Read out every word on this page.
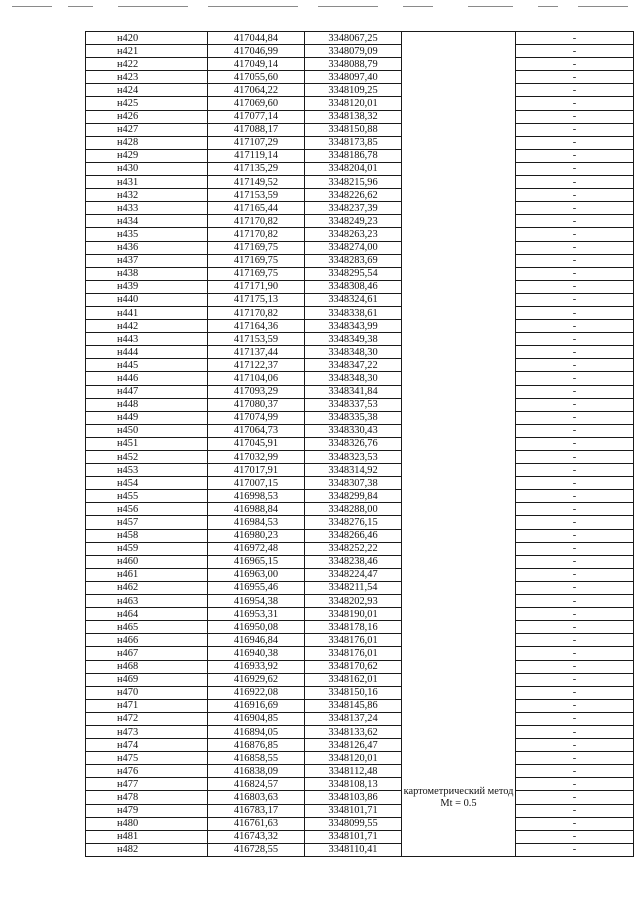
н420	417044,84	3348067,25	картометрический метод Mt = 0.5	-
н421	417046,99	3348079,09		-
н422	417049,14	3348088,79		-
н423	417055,60	3348097,40		-
н424	417064,22	3348109,25		-
н425	417069,60	3348120,01		-
н426	417077,14	3348138,32		-
н427	417088,17	3348150,88		-
н428	417107,29	3348173,85		-
н429	417119,14	3348186,78		-
н430	417135,29	3348204,01		-
н431	417149,52	3348215,96		-
н432	417153,59	3348226,62		-
н433	417165,44	3348237,39		-
н434	417170,82	3348249,23		-
н435	417170,82	3348263,23		-
н436	417169,75	3348274,00		-
н437	417169,75	3348283,69		-
н438	417169,75	3348295,54		-
н439	417171,90	3348308,46		-
н440	417175,13	3348324,61		-
н441	417170,82	3348338,61		-
н442	417164,36	3348343,99		-
н443	417153,59	3348349,38		-
н444	417137,44	3348348,30		-
н445	417122,37	3348347,22		-
н446	417104,06	3348348,30		-
н447	417093,29	3348341,84		-
н448	417080,37	3348337,53		-
н449	417074,99	3348335,38		-
н450	417064,73	3348330,43		-
н451	417045,91	3348326,76		-
н452	417032,99	3348323,53		-
н453	417017,91	3348314,92		-
н454	417007,15	3348307,38		-
н455	416998,53	3348299,84		-
н456	416988,84	3348288,00		-
н457	416984,53	3348276,15		-
н458	416980,23	3348266,46		-
н459	416972,48	3348252,22		-
н460	416965,15	3348238,46		-
н461	416963,00	3348224,47		-
н462	416955,46	3348211,54		-
н463	416954,38	3348202,93		-
н464	416953,31	3348190,01		-
н465	416950,08	3348178,16		-
н466	416946,84	3348176,01		-
н467	416940,38	3348176,01		-
н468	416933,92	3348170,62		-
н469	416929,62	3348162,01		-
н470	416922,08	3348150,16		-
н471	416916,69	3348145,86		-
н472	416904,85	3348137,24		-
н473	416894,05	3348133,62		-
н474	416876,85	3348126,47		-
н475	416858,55	3348120,01		-
н476	416838,09	3348112,48		-
н477	416824,57	3348108,13		-
н478	416803,63	3348103,86		-
н479	416783,17	3348101,71		-
н480	416761,63	3348099,55		-
н481	416743,32	3348101,71		-
н482	416728,55	3348110,41		-
